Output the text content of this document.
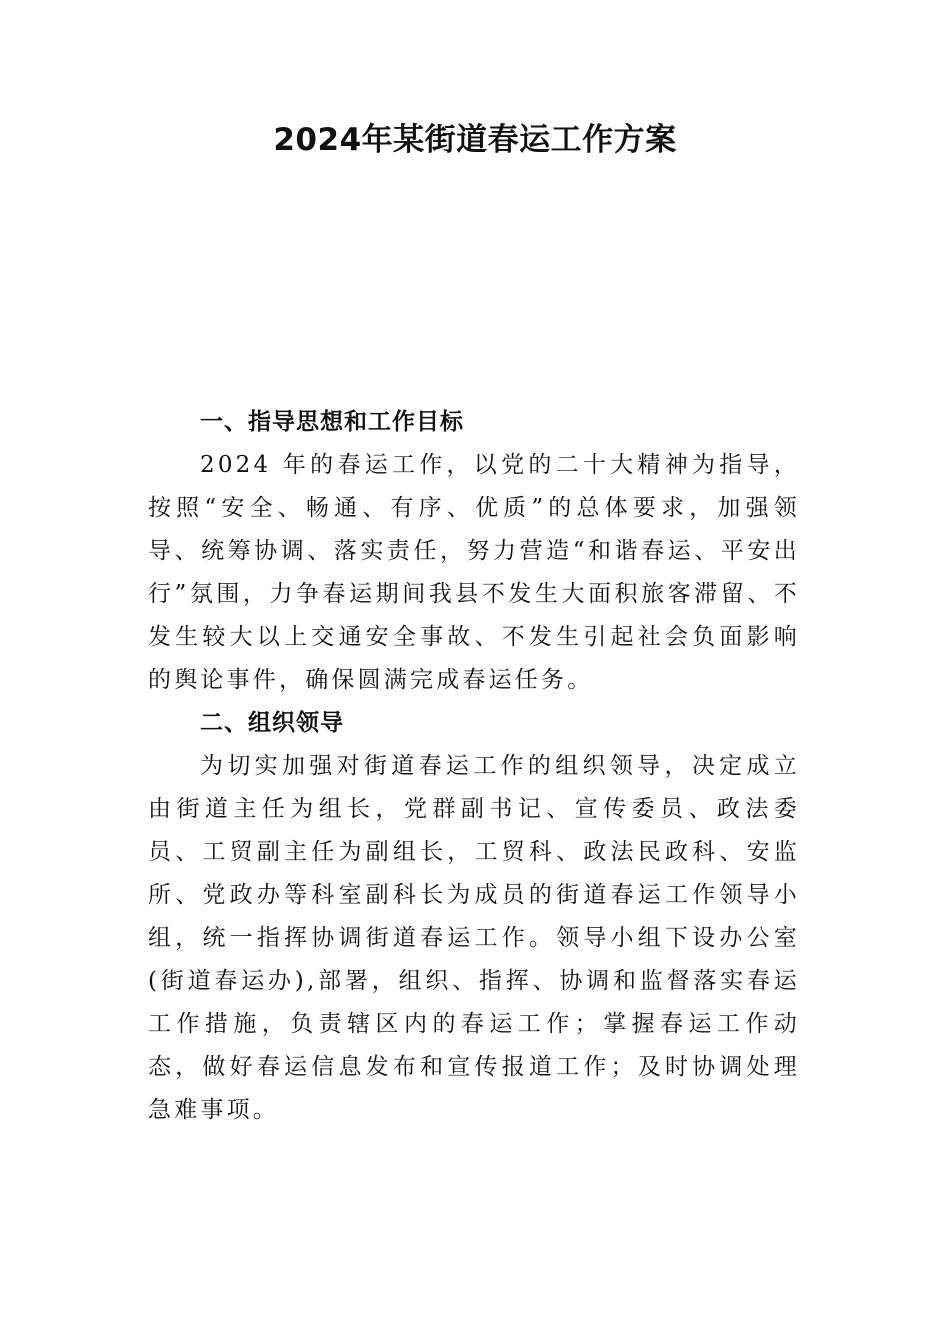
2024年某街道春运工作方案
一、指导思想和工作目标

2024 年的春运工作，以党的二十大精神为指导，按照“安全、畅通、有序、优质”的总体要求，加强领导、统筹协调、落实责任，努力营造“和谐春运、平安出行”氛围，力争春运期间我县不发生大面积旅客滞留、不发生较大以上交通安全事故、不发生引起社会负面影响的舆论事件，确保圆满完成春运任务。

二、组织领导

为切实加强对街道春运工作的组织领导，决定成立由街道主任为组长，党群副书记、宣传委员、政法委员、工贸副主任为副组长，工贸科、政法民政科、安监所、党政办等科室副科长为成员的街道春运工作领导小组，统一指挥协调街道春运工作。领导小组下设办公室(街道春运办),部署，组织、指挥、协调和监督落实春运工作措施，负责辖区内的春运工作；掌握春运工作动态，做好春运信息发布和宣传报道工作；及时协调处理急难事项。
